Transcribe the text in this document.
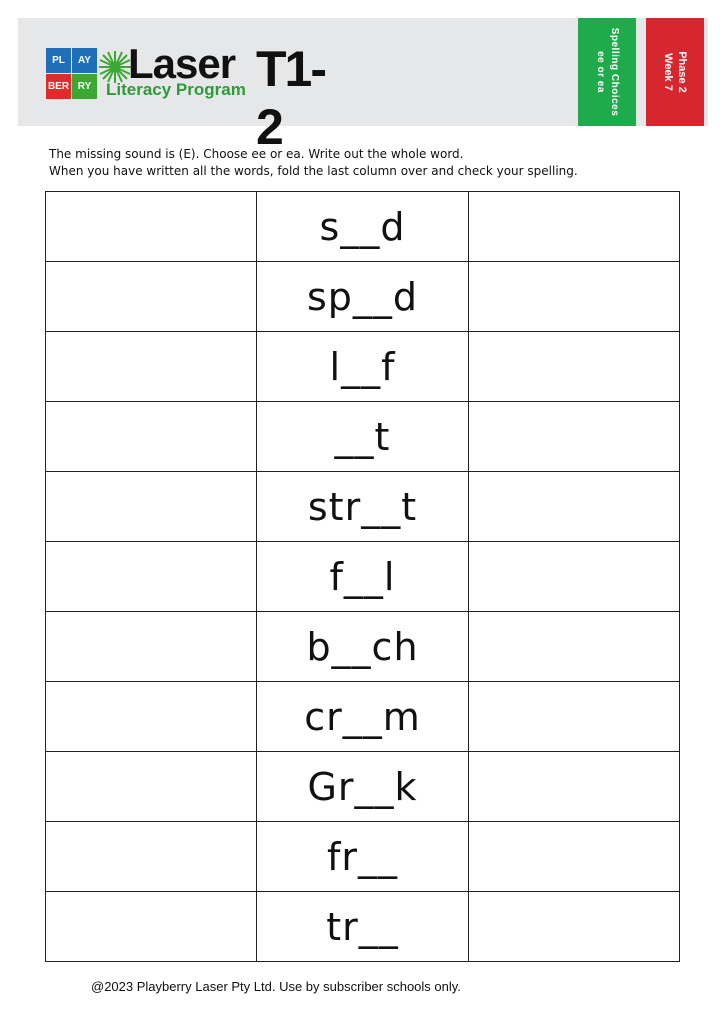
PL	AY
BER RY Laser T1-2
Literacy Program	Spelling Choices
ee or ea	Phase 2
Week 7
The missing sound is (E). Choose ee or ea. Write out the whole word.
When you have written all the words, fold the last column over and check your spelling.
	s__d	
	sp__d	
	l__f	
	__t	
	str__t	
	f__l	
	b__ch	
	cr__m	
	Gr__k	
	fr__	
	tr__	
@2023 Playberry Laser Pty Ltd. Use by subscriber schools only.
